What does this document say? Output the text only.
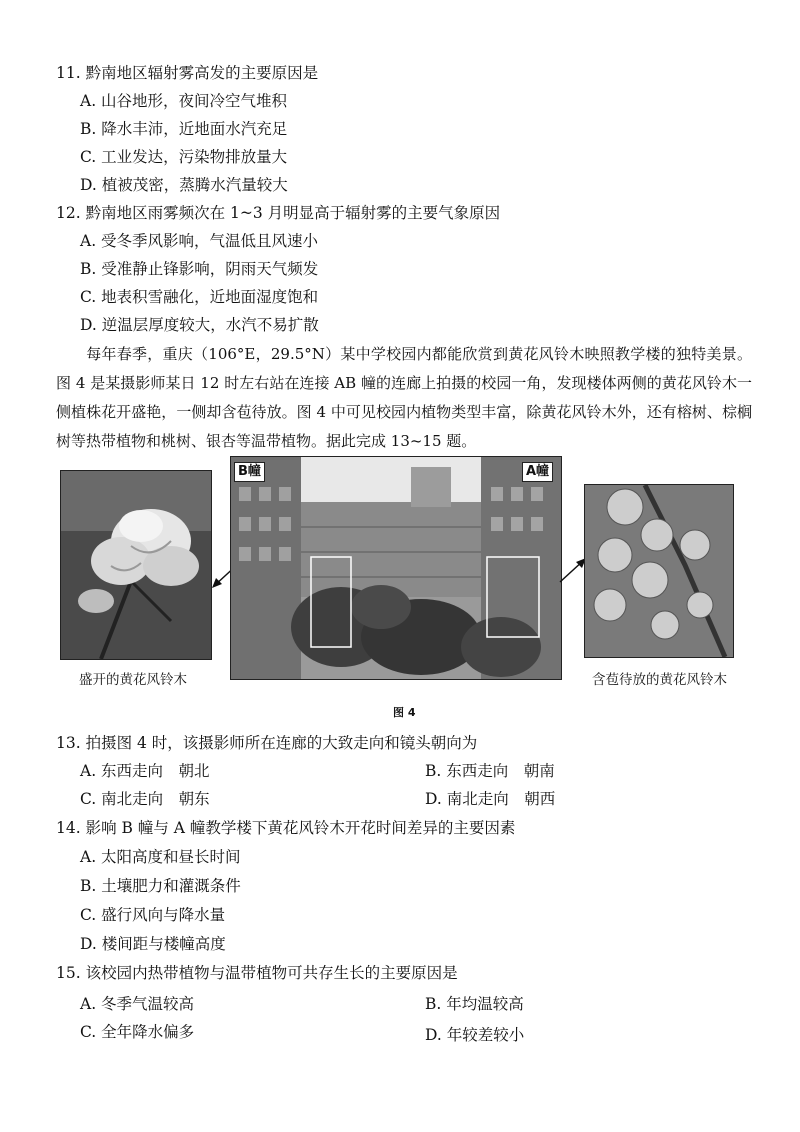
11. 黔南地区辐射雾高发的主要原因是
A. 山谷地形，夜间冷空气堆积
B. 降水丰沛，近地面水汽充足
C. 工业发达，污染物排放量大
D. 植被茂密，蒸腾水汽量较大
12. 黔南地区雨雾频次在 1~3 月明显高于辐射雾的主要气象原因
A. 受冬季风影响，气温低且风速小
B. 受准静止锋影响，阴雨天气频发
C. 地表积雪融化，近地面湿度饱和
D. 逆温层厚度较大，水汽不易扩散
每年春季，重庆（106°E，29.5°N）某中学校园内都能欣赏到黄花风铃木映照教学楼的独特美景。图 4 是某摄影师某日 12 时左右站在连接 AB 幢的连廊上拍摄的校园一角，发现楼体两侧的黄花风铃木一侧植株花开盛艳，一侧却含苞待放。图 4 中可见校园内植物类型丰富，除黄花风铃木外，还有榕树、棕榈树等热带植物和桃树、银杏等温带植物。据此完成 13~15 题。
盛开的黄花风铃木
B幢	A幢
含苞待放的黄花风铃木
图 4
13. 拍摄图 4 时，该摄影师所在连廊的大致走向和镜头朝向为
A. 东西走向　朝北	B. 东西走向　朝南
C. 南北走向　朝东	D. 南北走向　朝西
14. 影响 B 幢与 A 幢教学楼下黄花风铃木开花时间差异的主要因素
A. 太阳高度和昼长时间
B. 土壤肥力和灌溉条件
C. 盛行风向与降水量
D. 楼间距与楼幢高度
15. 该校园内热带植物与温带植物可共存生长的主要原因是
A. 冬季气温较高	B. 年均温较高
C. 全年降水偏多	D. 年较差较小
